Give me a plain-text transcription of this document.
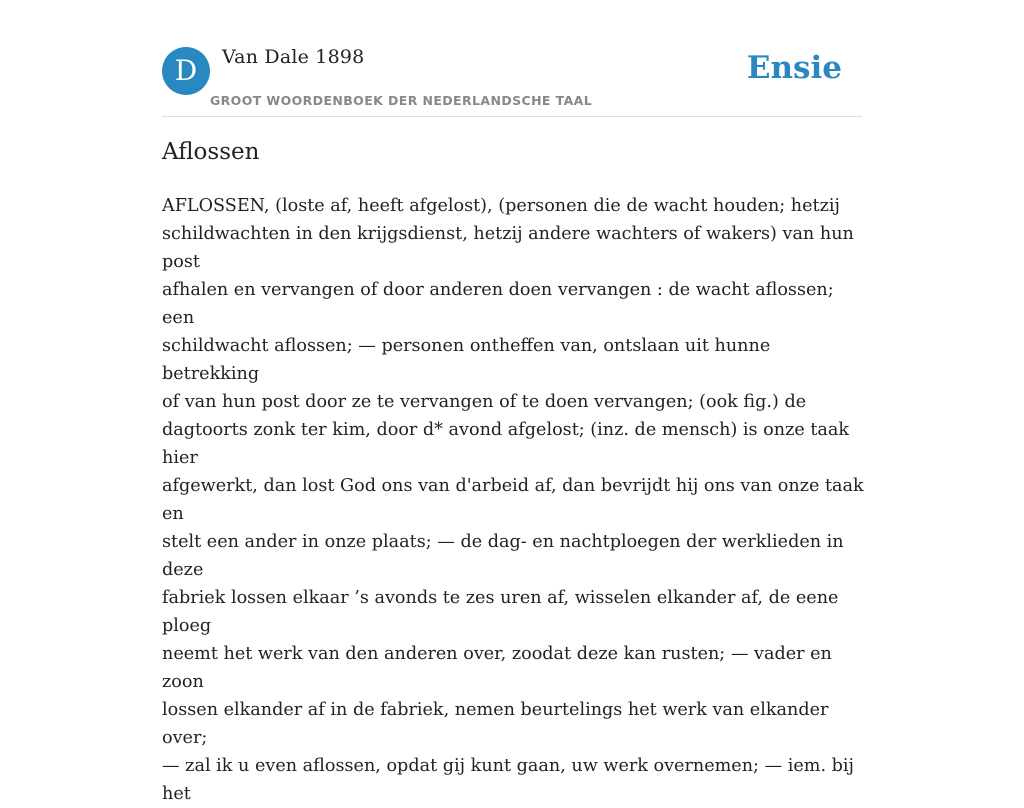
D	Van Dale 1898
GROOT WOORDENBOEK DER NEDERLANDSCHE TAAL
Ensie
Aflossen
AFLOSSEN, (loste af, heeft afgelost), (personen die de wacht houden; hetzij
schildwachten in den krijgsdienst, hetzij andere wachters of wakers) van hun post
afhalen en vervangen of door anderen doen vervangen : de wacht aflossen; een
schildwacht aflossen; — personen ontheffen van, ontslaan uit hunne betrekking
of van hun post door ze te vervangen of te doen vervangen; (ook fig.) de
dagtoorts zonk ter kim, door d* avond afgelost; (inz. de mensch) is onze taak hier
afgewerkt, dan lost God ons van d'arbeid af, dan bevrijdt hij ons van onze taak en
stelt een ander in onze plaats; — de dag- en nachtploegen der werklieden in deze
fabriek lossen elkaar ’s avonds te zes uren af, wisselen elkander af, de eene ploeg
neemt het werk van den anderen over, zoodat deze kan rusten; — vader en zoon
lossen elkander af in de fabriek, nemen beurtelings het werk van elkander over;
— zal ik u even aflossen, opdat gij kunt gaan, uw werk overnemen; — iem. bij het
